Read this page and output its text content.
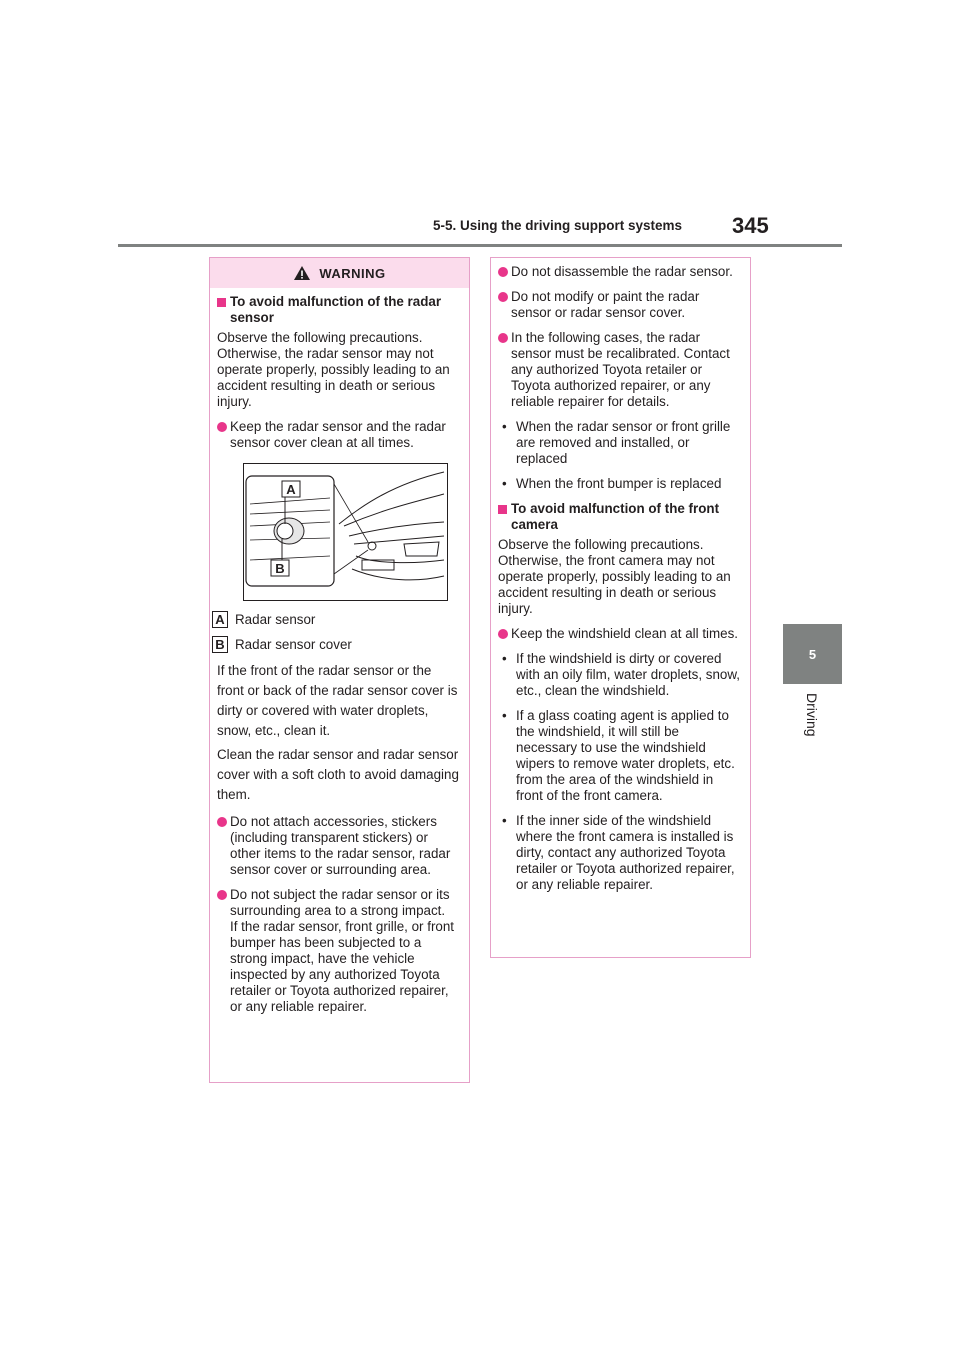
5-5. Using the driving support systems 345
5
Driving
WARNING
To avoid malfunction of the radar sensor

Observe the following precautions. Otherwise, the radar sensor may not operate properly, possibly leading to an accident resulting in death or serious injury.

Keep the radar sensor and the radar sensor cover clean at all times.
A
B
A Radar sensor
B Radar sensor cover

If the front of the radar sensor or the front or back of the radar sensor cover is dirty or covered with water droplets, snow, etc., clean it.

Clean the radar sensor and radar sensor cover with a soft cloth to avoid damaging them.

Do not attach accessories, stickers (including transparent stickers) or other items to the radar sensor, radar sensor cover or surrounding area.
Do not subject the radar sensor or its surrounding area to a strong impact.
If the radar sensor, front grille, or front bumper has been subjected to a strong impact, have the vehicle inspected by any authorized Toyota retailer or Toyota authorized repairer, or any reliable repairer.
Do not disassemble the radar sensor.
Do not modify or paint the radar sensor or radar sensor cover.
In the following cases, the radar sensor must be recalibrated. Contact any authorized Toyota retailer or Toyota authorized repairer, or any reliable repairer for details.
• When the radar sensor or front grille are removed and installed, or replaced
• When the front bumper is replaced
To avoid malfunction of the front camera

Observe the following precautions. Otherwise, the front camera may not operate properly, possibly leading to an accident resulting in death or serious injury.

Keep the windshield clean at all times.
• If the windshield is dirty or covered with an oily film, water droplets, snow, etc., clean the windshield.
• If a glass coating agent is applied to the windshield, it will still be necessary to use the windshield wipers to remove water droplets, etc. from the area of the windshield in front of the front camera.
• If the inner side of the windshield where the front camera is installed is dirty, contact any authorized Toyota retailer or Toyota authorized repairer, or any reliable repairer.
